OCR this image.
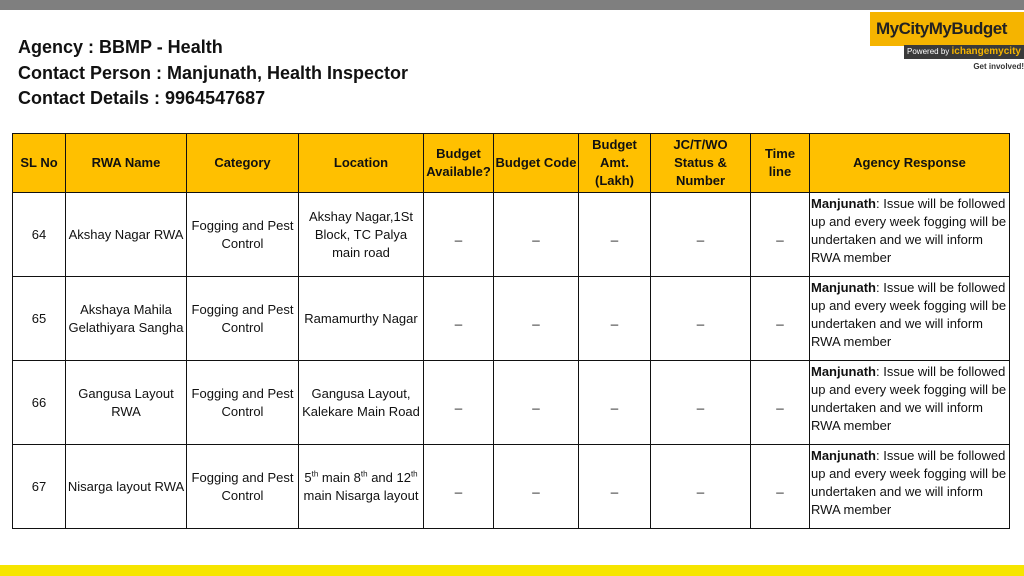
Agency : BBMP - Health
Contact Person : Manjunath, Health Inspector
Contact Details : 9964547687
MyCityMyBudget
Powered by ichangemycity
Get involved!
SL No	RWA Name	Category	Location	Budget Available?	Budget Code	Budget Amt. (Lakh)	JC/T/WO Status & Number	Time line	Agency Response
64	Akshay Nagar RWA	Fogging and Pest Control	Akshay Nagar,1St Block, TC Palya main road	_	_	_	_	_	Manjunath: Issue will be followed up and every week fogging will be undertaken and we will inform RWA member
65	Akshaya Mahila Gelathiyara Sangha	Fogging and Pest Control	Ramamurthy Nagar	_	_	_	_	_	Manjunath: Issue will be followed up and every week fogging will be undertaken and we will inform RWA member
66	Gangusa Layout RWA	Fogging and Pest Control	Gangusa Layout, Kalekare Main Road	_	_	_	_	_	Manjunath: Issue will be followed up and every week fogging will be undertaken and we will inform RWA member
67	Nisarga layout RWA	Fogging and Pest Control	5th main 8th and 12th main Nisarga layout	_	_	_	_	_	Manjunath: Issue will be followed up and every week fogging will be undertaken and we will inform RWA member
